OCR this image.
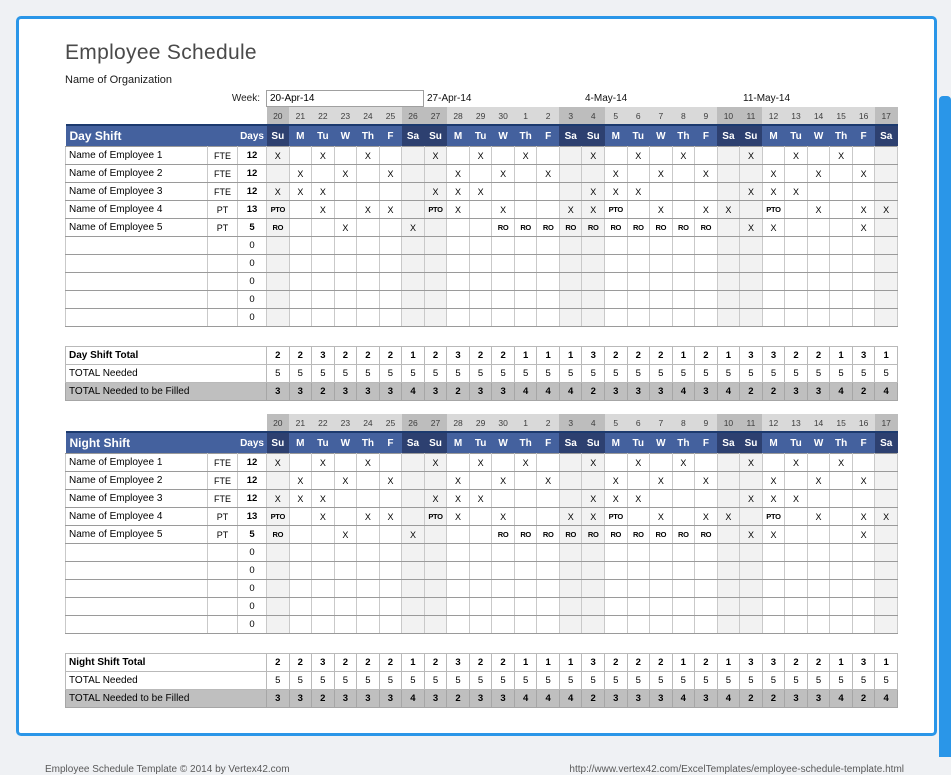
Employee Schedule
Name of Organization
Week:	20-Apr-14	27-Apr-14	4-May-14	11-May-14
			20	21	22	23	24	25	26	27	28	29	30	1	2	3	4	5	6	7	8	9	10	11	12	13	14	15	16	17
Day Shift		Days	Su	M	Tu	W	Th	F	Sa	Su	M	Tu	W	Th	F	Sa	Su	M	Tu	W	Th	F	Sa	Su	M	Tu	W	Th	F	Sa
Name of Employee 1	FTE	12	X		X		X			X		X		X			X		X		X			X		X		X		
Name of Employee 2	FTE	12		X		X		X			X		X		X			X		X		X			X		X		X	
Name of Employee 3	FTE	12	X	X	X					X	X	X					X	X	X					X	X	X				
Name of Employee 4	PT	13	PTO		X		X	X		PTO	X		X			X	X	PTO		X		X	X		PTO		X		X	X
Name of Employee 5	PT	5	RO			X			X				RO	RO	RO	RO	RO	RO	RO	RO	RO	RO		X	X				X	
		0																												
		0																												
		0																												
		0																												
		0																												
Day Shift Total	2	2	3	2	2	2	1	2	3	2	2	1	1	1	3	2	2	2	1	2	1	3	3	2	2	1	3	1
TOTAL Needed	5	5	5	5	5	5	5	5	5	5	5	5	5	5	5	5	5	5	5	5	5	5	5	5	5	5	5	5
TOTAL Needed to be Filled	3	3	2	3	3	3	4	3	2	3	3	4	4	4	2	3	3	3	4	3	4	2	2	3	3	4	2	4
			20	21	22	23	24	25	26	27	28	29	30	1	2	3	4	5	6	7	8	9	10	11	12	13	14	15	16	17
Night Shift		Days	Su	M	Tu	W	Th	F	Sa	Su	M	Tu	W	Th	F	Sa	Su	M	Tu	W	Th	F	Sa	Su	M	Tu	W	Th	F	Sa
Name of Employee 1	FTE	12	X		X		X			X		X		X			X		X		X			X		X		X		
Name of Employee 2	FTE	12		X		X		X			X		X		X			X		X		X			X		X		X	
Name of Employee 3	FTE	12	X	X	X					X	X	X					X	X	X					X	X	X				
Name of Employee 4	PT	13	PTO		X		X	X		PTO	X		X			X	X	PTO		X		X	X		PTO		X		X	X
Name of Employee 5	PT	5	RO			X			X				RO	RO	RO	RO	RO	RO	RO	RO	RO	RO		X	X				X	
		0																												
		0																												
		0																												
		0																												
		0																												
Night Shift Total	2	2	3	2	2	2	1	2	3	2	2	1	1	1	3	2	2	2	1	2	1	3	3	2	2	1	3	1
TOTAL Needed	5	5	5	5	5	5	5	5	5	5	5	5	5	5	5	5	5	5	5	5	5	5	5	5	5	5	5	5
TOTAL Needed to be Filled	3	3	2	3	3	3	4	3	2	3	3	4	4	4	2	3	3	3	4	3	4	2	2	3	3	4	2	4
Employee Schedule Template © 2014 by Vertex42.com	http://www.vertex42.com/ExcelTemplates/employee-schedule-template.html
